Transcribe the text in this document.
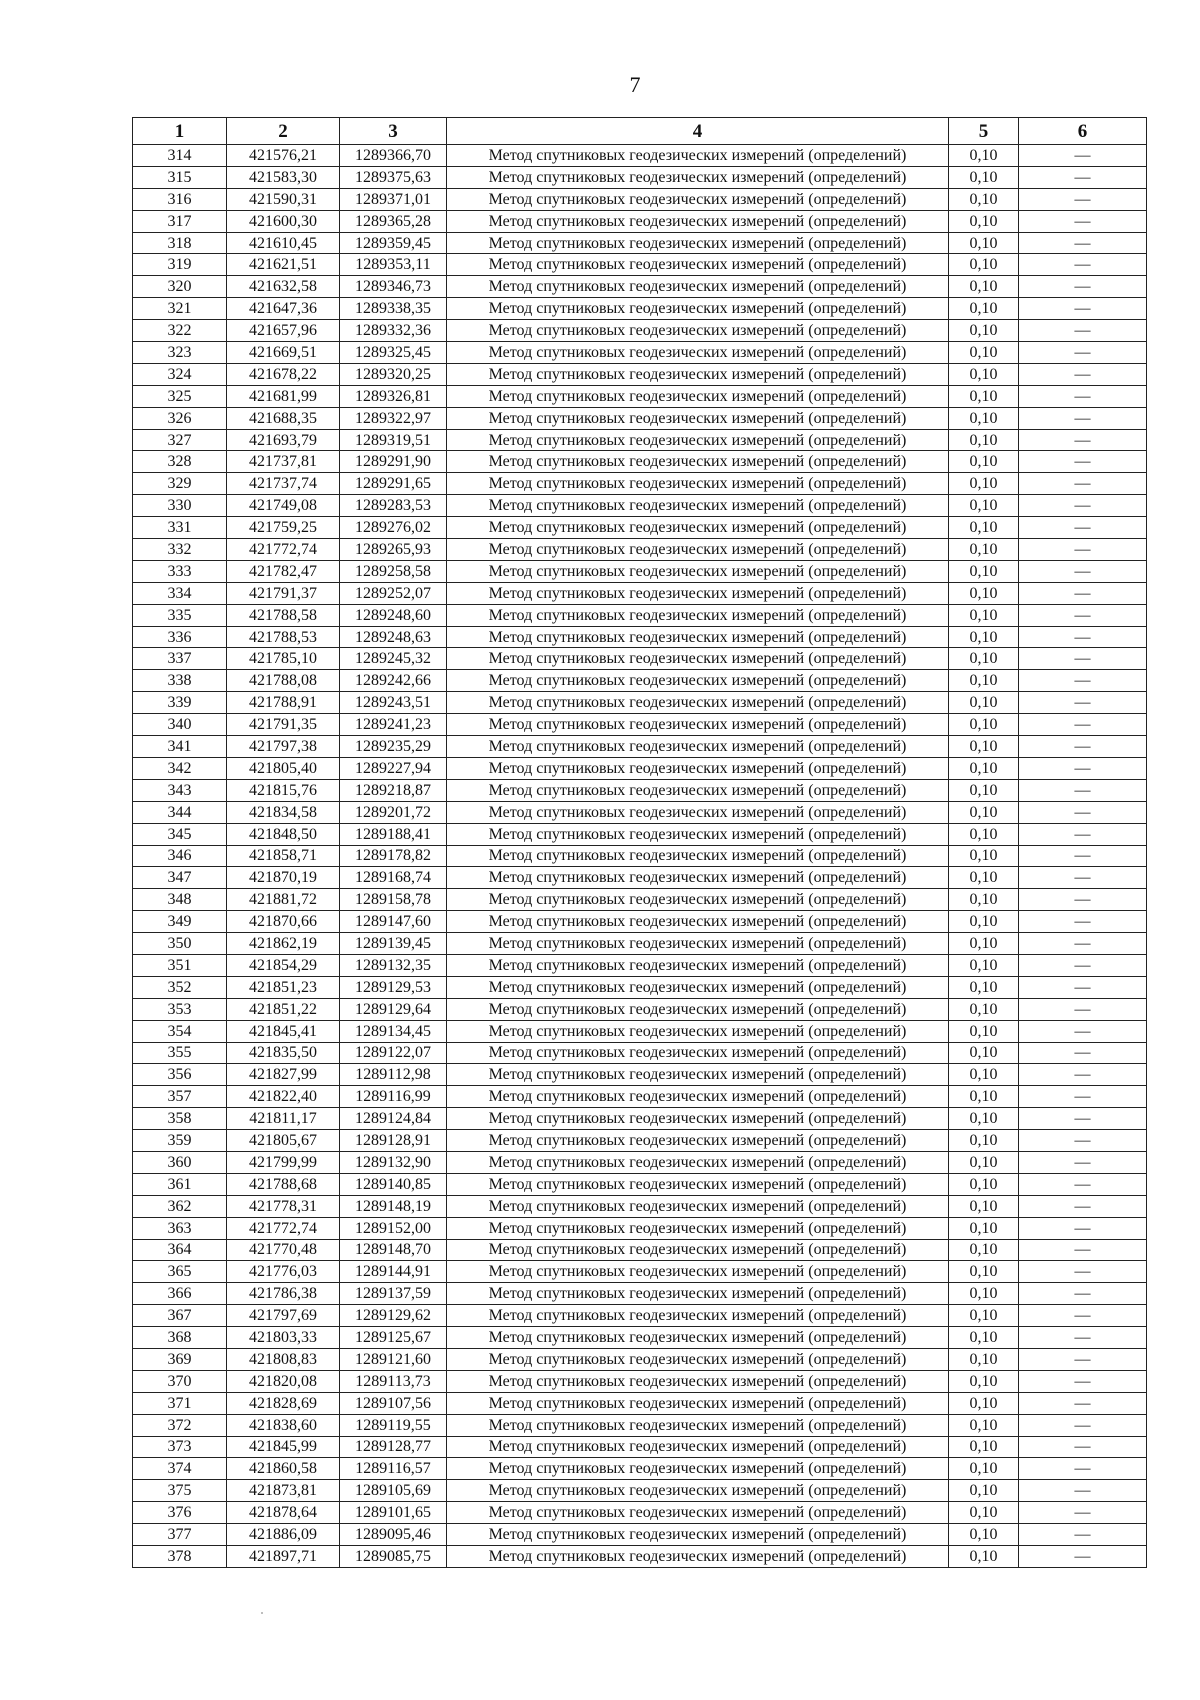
7
1	2	3	4	5	6
314	421576,21	1289366,70	Метод спутниковых геодезических измерений (определений)	0,10	—
315	421583,30	1289375,63	Метод спутниковых геодезических измерений (определений)	0,10	—
316	421590,31	1289371,01	Метод спутниковых геодезических измерений (определений)	0,10	—
317	421600,30	1289365,28	Метод спутниковых геодезических измерений (определений)	0,10	—
318	421610,45	1289359,45	Метод спутниковых геодезических измерений (определений)	0,10	—
319	421621,51	1289353,11	Метод спутниковых геодезических измерений (определений)	0,10	—
320	421632,58	1289346,73	Метод спутниковых геодезических измерений (определений)	0,10	—
321	421647,36	1289338,35	Метод спутниковых геодезических измерений (определений)	0,10	—
322	421657,96	1289332,36	Метод спутниковых геодезических измерений (определений)	0,10	—
323	421669,51	1289325,45	Метод спутниковых геодезических измерений (определений)	0,10	—
324	421678,22	1289320,25	Метод спутниковых геодезических измерений (определений)	0,10	—
325	421681,99	1289326,81	Метод спутниковых геодезических измерений (определений)	0,10	—
326	421688,35	1289322,97	Метод спутниковых геодезических измерений (определений)	0,10	—
327	421693,79	1289319,51	Метод спутниковых геодезических измерений (определений)	0,10	—
328	421737,81	1289291,90	Метод спутниковых геодезических измерений (определений)	0,10	—
329	421737,74	1289291,65	Метод спутниковых геодезических измерений (определений)	0,10	—
330	421749,08	1289283,53	Метод спутниковых геодезических измерений (определений)	0,10	—
331	421759,25	1289276,02	Метод спутниковых геодезических измерений (определений)	0,10	—
332	421772,74	1289265,93	Метод спутниковых геодезических измерений (определений)	0,10	—
333	421782,47	1289258,58	Метод спутниковых геодезических измерений (определений)	0,10	—
334	421791,37	1289252,07	Метод спутниковых геодезических измерений (определений)	0,10	—
335	421788,58	1289248,60	Метод спутниковых геодезических измерений (определений)	0,10	—
336	421788,53	1289248,63	Метод спутниковых геодезических измерений (определений)	0,10	—
337	421785,10	1289245,32	Метод спутниковых геодезических измерений (определений)	0,10	—
338	421788,08	1289242,66	Метод спутниковых геодезических измерений (определений)	0,10	—
339	421788,91	1289243,51	Метод спутниковых геодезических измерений (определений)	0,10	—
340	421791,35	1289241,23	Метод спутниковых геодезических измерений (определений)	0,10	—
341	421797,38	1289235,29	Метод спутниковых геодезических измерений (определений)	0,10	—
342	421805,40	1289227,94	Метод спутниковых геодезических измерений (определений)	0,10	—
343	421815,76	1289218,87	Метод спутниковых геодезических измерений (определений)	0,10	—
344	421834,58	1289201,72	Метод спутниковых геодезических измерений (определений)	0,10	—
345	421848,50	1289188,41	Метод спутниковых геодезических измерений (определений)	0,10	—
346	421858,71	1289178,82	Метод спутниковых геодезических измерений (определений)	0,10	—
347	421870,19	1289168,74	Метод спутниковых геодезических измерений (определений)	0,10	—
348	421881,72	1289158,78	Метод спутниковых геодезических измерений (определений)	0,10	—
349	421870,66	1289147,60	Метод спутниковых геодезических измерений (определений)	0,10	—
350	421862,19	1289139,45	Метод спутниковых геодезических измерений (определений)	0,10	—
351	421854,29	1289132,35	Метод спутниковых геодезических измерений (определений)	0,10	—
352	421851,23	1289129,53	Метод спутниковых геодезических измерений (определений)	0,10	—
353	421851,22	1289129,64	Метод спутниковых геодезических измерений (определений)	0,10	—
354	421845,41	1289134,45	Метод спутниковых геодезических измерений (определений)	0,10	—
355	421835,50	1289122,07	Метод спутниковых геодезических измерений (определений)	0,10	—
356	421827,99	1289112,98	Метод спутниковых геодезических измерений (определений)	0,10	—
357	421822,40	1289116,99	Метод спутниковых геодезических измерений (определений)	0,10	—
358	421811,17	1289124,84	Метод спутниковых геодезических измерений (определений)	0,10	—
359	421805,67	1289128,91	Метод спутниковых геодезических измерений (определений)	0,10	—
360	421799,99	1289132,90	Метод спутниковых геодезических измерений (определений)	0,10	—
361	421788,68	1289140,85	Метод спутниковых геодезических измерений (определений)	0,10	—
362	421778,31	1289148,19	Метод спутниковых геодезических измерений (определений)	0,10	—
363	421772,74	1289152,00	Метод спутниковых геодезических измерений (определений)	0,10	—
364	421770,48	1289148,70	Метод спутниковых геодезических измерений (определений)	0,10	—
365	421776,03	1289144,91	Метод спутниковых геодезических измерений (определений)	0,10	—
366	421786,38	1289137,59	Метод спутниковых геодезических измерений (определений)	0,10	—
367	421797,69	1289129,62	Метод спутниковых геодезических измерений (определений)	0,10	—
368	421803,33	1289125,67	Метод спутниковых геодезических измерений (определений)	0,10	—
369	421808,83	1289121,60	Метод спутниковых геодезических измерений (определений)	0,10	—
370	421820,08	1289113,73	Метод спутниковых геодезических измерений (определений)	0,10	—
371	421828,69	1289107,56	Метод спутниковых геодезических измерений (определений)	0,10	—
372	421838,60	1289119,55	Метод спутниковых геодезических измерений (определений)	0,10	—
373	421845,99	1289128,77	Метод спутниковых геодезических измерений (определений)	0,10	—
374	421860,58	1289116,57	Метод спутниковых геодезических измерений (определений)	0,10	—
375	421873,81	1289105,69	Метод спутниковых геодезических измерений (определений)	0,10	—
376	421878,64	1289101,65	Метод спутниковых геодезических измерений (определений)	0,10	—
377	421886,09	1289095,46	Метод спутниковых геодезических измерений (определений)	0,10	—
378	421897,71	1289085,75	Метод спутниковых геодезических измерений (определений)	0,10	—
